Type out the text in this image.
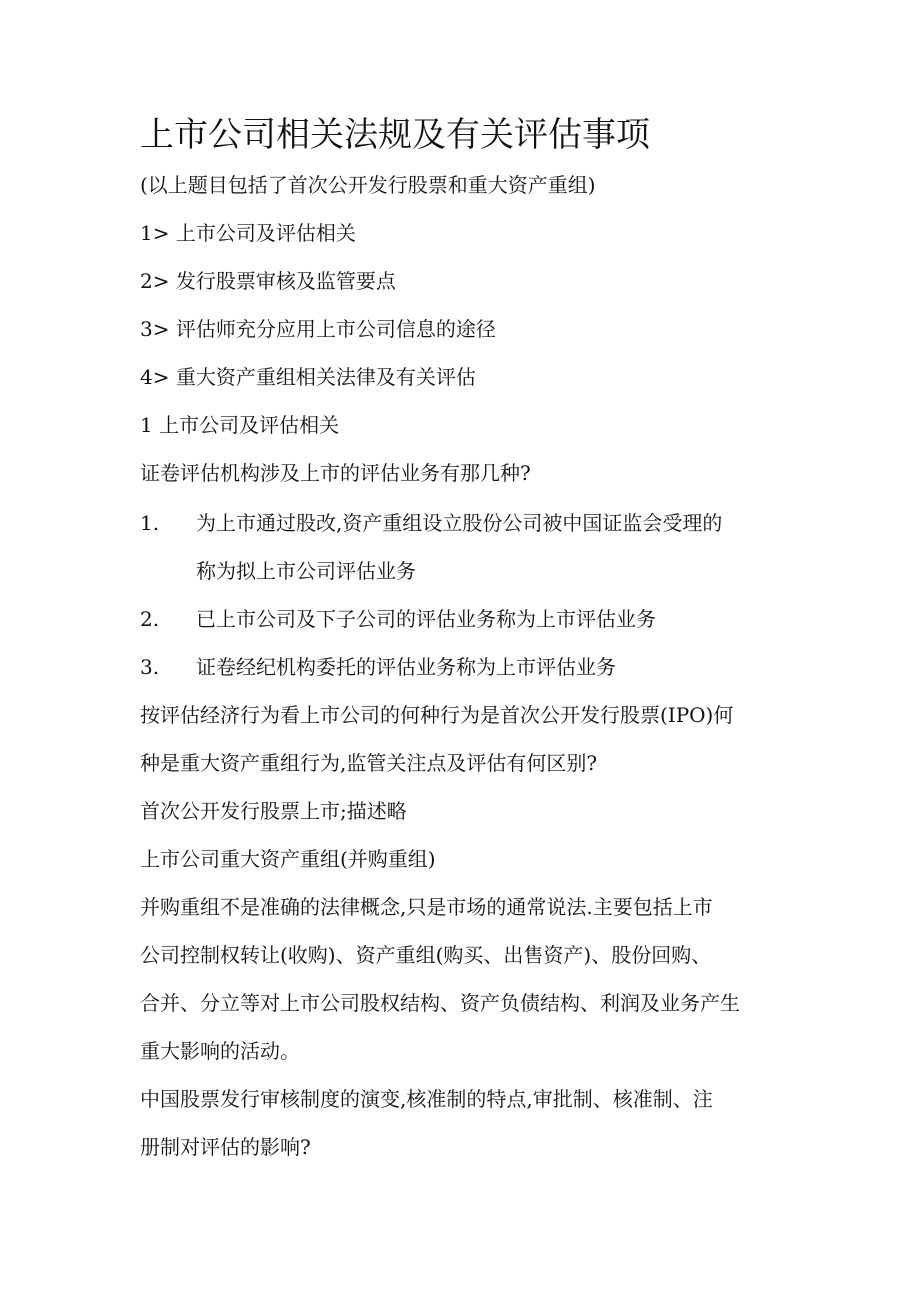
上市公司相关法规及有关评估事项
(以上题目包括了首次公开发行股票和重大资产重组)
1> 上市公司及评估相关
2> 发行股票审核及监管要点
3> 评估师充分应用上市公司信息的途径
4> 重大资产重组相关法律及有关评估
1 上市公司及评估相关
证卷评估机构涉及上市的评估业务有那几种?
1. 为上市通过股改,资产重组设立股份公司被中国证监会受理的
称为拟上市公司评估业务
2. 已上市公司及下子公司的评估业务称为上市评估业务
3. 证卷经纪机构委托的评估业务称为上市评估业务
按评估经济行为看上市公司的何种行为是首次公开发行股票(IPO)何
种是重大资产重组行为,监管关注点及评估有何区别?
首次公开发行股票上市;描述略
上市公司重大资产重组(并购重组)
并购重组不是准确的法律概念,只是市场的通常说法.主要包括上市
公司控制权转让(收购)、资产重组(购买、出售资产)、股份回购、
合并、分立等对上市公司股权结构、资产负债结构、利润及业务产生
重大影响的活动。
中国股票发行审核制度的演变,核准制的特点,审批制、核准制、注
册制对评估的影响?
